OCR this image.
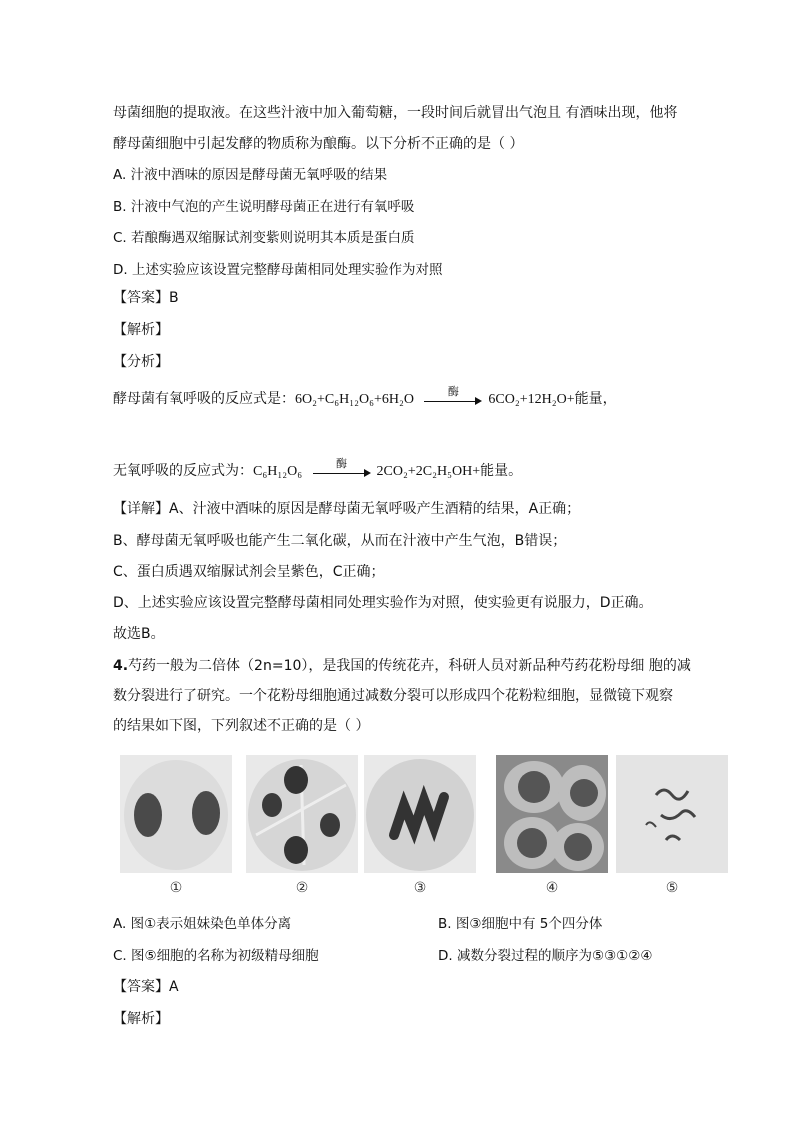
母菌细胞的提取液。在这些汁液中加入葡萄糖，一段时间后就冒出气泡且 有酒味出现，他将
酵母菌细胞中引起发酵的物质称为酿酶。以下分析不正确的是（ ）
A. 汁液中酒味的原因是酵母菌无氧呼吸的结果
B. 汁液中气泡的产生说明酵母菌正在进行有氧呼吸
C. 若酿酶遇双缩脲试剂变紫则说明其本质是蛋白质
D. 上述实验应该设置完整酵母菌相同处理实验作为对照
【答案】B
【解析】
【分析】
酵母菌有氧呼吸的反应式是：6O₂+C₆H₁₂O₆+6H₂O
酶
6CO₂+12H₂O+能量，
无氧呼吸的反应式为：C₆H₁₂O₆
酶
2CO₂+2C₂H₅OH+能量。
【详解】A、汁液中酒味的原因是酵母菌无氧呼吸产生酒精的结果，A正确；
B、酵母菌无氧呼吸也能产生二氧化碳，从而在汁液中产生气泡，B错误；
C、蛋白质遇双缩脲试剂会呈紫色，C正确；
D、上述实验应该设置完整酵母菌相同处理实验作为对照，使实验更有说服力，D正确。
故选B。
4.芍药一般为二倍体（2n=10），是我国的传统花卉，科研人员对新品种芍药花粉母细 胞的减
数分裂进行了研究。一个花粉母细胞通过减数分裂可以形成四个花粉粒细胞，显微镜下观察
的结果如下图，下列叙述不正确的是（ ）
①	②	③	④	⑤
A. 图①表示姐妹染色单体分离	B. 图③细胞中有 5个四分体
C. 图⑤细胞的名称为初级精母细胞	D. 减数分裂过程的顺序为⑤③①②④
【答案】A
【解析】
